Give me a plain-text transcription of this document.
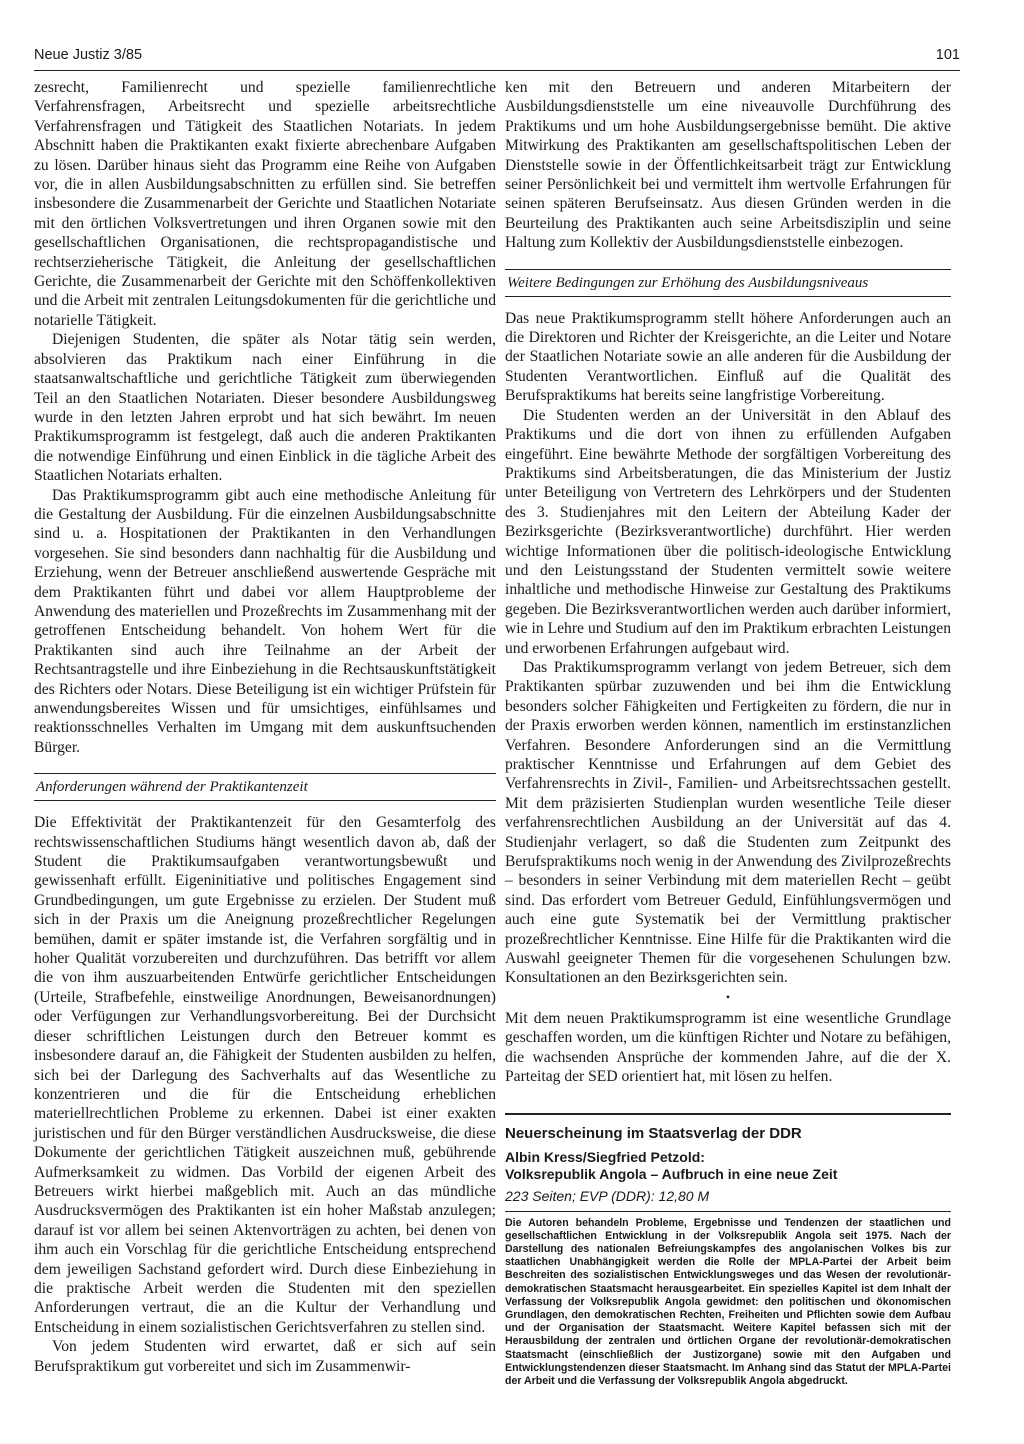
Neue Justiz 3/85	101

zesrecht, Familienrecht und spezielle familienrechtliche Verfahrensfragen, Arbeitsrecht und spezielle arbeitsrechtliche Verfahrensfragen und Tätigkeit des Staatlichen Notariats. In jedem Abschnitt haben die Praktikanten exakt fixierte abrechenbare Aufgaben zu lösen. Darüber hinaus sieht das Programm eine Reihe von Aufgaben vor, die in allen Ausbildungsabschnitten zu erfüllen sind. Sie betreffen insbesondere die Zusammenarbeit der Gerichte und Staatlichen Notariate mit den örtlichen Volksvertretungen und ihren Organen sowie mit den gesellschaftlichen Organisationen, die rechtspropagandistische und rechtserzieherische Tätigkeit, die Anleitung der gesellschaftlichen Gerichte, die Zusammenarbeit der Gerichte mit den Schöffenkollektiven und die Arbeit mit zentralen Leitungsdokumenten für die gerichtliche und notarielle Tätigkeit.

Diejenigen Studenten, die später als Notar tätig sein werden, absolvieren das Praktikum nach einer Einführung in die staatsanwaltschaftliche und gerichtliche Tätigkeit zum überwiegenden Teil an den Staatlichen Notariaten. Dieser besondere Ausbildungsweg wurde in den letzten Jahren erprobt und hat sich bewährt. Im neuen Praktikumsprogramm ist festgelegt, daß auch die anderen Praktikanten die notwendige Einführung und einen Einblick in die tägliche Arbeit des Staatlichen Notariats erhalten.

Das Praktikumsprogramm gibt auch eine methodische Anleitung für die Gestaltung der Ausbildung. Für die einzelnen Ausbildungsabschnitte sind u. a. Hospitationen der Praktikanten in den Verhandlungen vorgesehen. Sie sind besonders dann nachhaltig für die Ausbildung und Erziehung, wenn der Betreuer anschließend auswertende Gespräche mit dem Praktikanten führt und dabei vor allem Hauptprobleme der Anwendung des materiellen und Prozeßrechts im Zusammenhang mit der getroffenen Entscheidung behandelt. Von hohem Wert für die Praktikanten sind auch ihre Teilnahme an der Arbeit der Rechtsantragstelle und ihre Einbeziehung in die Rechtsauskunftstätigkeit des Richters oder Notars. Diese Beteiligung ist ein wichtiger Prüfstein für anwendungsbereites Wissen und für umsichtiges, einfühlsames und reaktionsschnelles Verhalten im Umgang mit dem auskunftsuchenden Bürger.

Anforderungen während der Praktikantenzeit

Die Effektivität der Praktikantenzeit für den Gesamterfolg des rechtswissenschaftlichen Studiums hängt wesentlich davon ab, daß der Student die Praktikumsaufgaben verantwortungsbewußt und gewissenhaft erfüllt. Eigeninitiative und politisches Engagement sind Grundbedingungen, um gute Ergebnisse zu erzielen. Der Student muß sich in der Praxis um die Aneignung prozeßrechtlicher Regelungen bemühen, damit er später imstande ist, die Verfahren sorgfältig und in hoher Qualität vorzubereiten und durchzuführen. Das betrifft vor allem die von ihm auszuarbeitenden Entwürfe gerichtlicher Entscheidungen (Urteile, Strafbefehle, einstweilige Anordnungen, Beweisanordnungen) oder Verfügungen zur Verhandlungsvorbereitung. Bei der Durchsicht dieser schriftlichen Leistungen durch den Betreuer kommt es insbesondere darauf an, die Fähigkeit der Studenten ausbilden zu helfen, sich bei der Darlegung des Sachverhalts auf das Wesentliche zu konzentrieren und die für die Entscheidung erheblichen materiellrechtlichen Probleme zu erkennen. Dabei ist einer exakten juristischen und für den Bürger verständlichen Ausdrucksweise, die diese Dokumente der gerichtlichen Tätigkeit auszeichnen muß, gebührende Aufmerksamkeit zu widmen. Das Vorbild der eigenen Arbeit des Betreuers wirkt hierbei maßgeblich mit. Auch an das mündliche Ausdrucksvermögen des Praktikanten ist ein hoher Maßstab anzulegen; darauf ist vor allem bei seinen Aktenvorträgen zu achten, bei denen von ihm auch ein Vorschlag für die gerichtliche Entscheidung entsprechend dem jeweiligen Sachstand gefordert wird. Durch diese Einbeziehung in die praktische Arbeit werden die Studenten mit den speziellen Anforderungen vertraut, die an die Kultur der Verhandlung und Entscheidung in einem sozialistischen Gerichtsverfahren zu stellen sind.

Von jedem Studenten wird erwartet, daß er sich auf sein Berufspraktikum gut vorbereitet und sich im Zusammenwir-

ken mit den Betreuern und anderen Mitarbeitern der Ausbildungsdienststelle um eine niveauvolle Durchführung des Praktikums und um hohe Ausbildungsergebnisse bemüht. Die aktive Mitwirkung des Praktikanten am gesellschaftspolitischen Leben der Dienststelle sowie in der Öffentlichkeitsarbeit trägt zur Entwicklung seiner Persönlichkeit bei und vermittelt ihm wertvolle Erfahrungen für seinen späteren Berufseinsatz. Aus diesen Gründen werden in die Beurteilung des Praktikanten auch seine Arbeitsdisziplin und seine Haltung zum Kollektiv der Ausbildungsdienststelle einbezogen.

Weitere Bedingungen zur Erhöhung des Ausbildungsniveaus

Das neue Praktikumsprogramm stellt höhere Anforderungen auch an die Direktoren und Richter der Kreisgerichte, an die Leiter und Notare der Staatlichen Notariate sowie an alle anderen für die Ausbildung der Studenten Verantwortlichen. Einfluß auf die Qualität des Berufspraktikums hat bereits seine langfristige Vorbereitung.

Die Studenten werden an der Universität in den Ablauf des Praktikums und die dort von ihnen zu erfüllenden Aufgaben eingeführt. Eine bewährte Methode der sorgfältigen Vorbereitung des Praktikums sind Arbeitsberatungen, die das Ministerium der Justiz unter Beteiligung von Vertretern des Lehrkörpers und der Studenten des 3. Studienjahres mit den Leitern der Abteilung Kader der Bezirksgerichte (Bezirksverantwortliche) durchführt. Hier werden wichtige Informationen über die politisch-ideologische Entwicklung und den Leistungsstand der Studenten vermittelt sowie weitere inhaltliche und methodische Hinweise zur Gestaltung des Praktikums gegeben. Die Bezirksverantwortlichen werden auch darüber informiert, wie in Lehre und Studium auf den im Praktikum erbrachten Leistungen und erworbenen Erfahrungen aufgebaut wird.

Das Praktikumsprogramm verlangt von jedem Betreuer, sich dem Praktikanten spürbar zuzuwenden und bei ihm die Entwicklung besonders solcher Fähigkeiten und Fertigkeiten zu fördern, die nur in der Praxis erworben werden können, namentlich im erstinstanzlichen Verfahren. Besondere Anforderungen sind an die Vermittlung praktischer Kenntnisse und Erfahrungen auf dem Gebiet des Verfahrensrechts in Zivil-, Familien- und Arbeitsrechtssachen gestellt. Mit dem präzisierten Studienplan wurden wesentliche Teile dieser verfahrensrechtlichen Ausbildung an der Universität auf das 4. Studienjahr verlagert, so daß die Studenten zum Zeitpunkt des Berufspraktikums noch wenig in der Anwendung des Zivilprozeßrechts – besonders in seiner Verbindung mit dem materiellen Recht – geübt sind. Das erfordert vom Betreuer Geduld, Einfühlungsvermögen und auch eine gute Systematik bei der Vermittlung praktischer prozeßrechtlicher Kenntnisse. Eine Hilfe für die Praktikanten wird die Auswahl geeigneter Themen für die vorgesehenen Schulungen bzw. Konsultationen an den Bezirksgerichten sein.

•

Mit dem neuen Praktikumsprogramm ist eine wesentliche Grundlage geschaffen worden, um die künftigen Richter und Notare zu befähigen, die wachsenden Ansprüche der kommenden Jahre, auf die der X. Parteitag der SED orientiert hat, mit lösen zu helfen.

Neuerscheinung im Staatsverlag der DDR
Albin Kress/Siegfried Petzold:
Volksrepublik Angola – Aufbruch in eine neue Zeit
223 Seiten; EVP (DDR): 12,80 M
Die Autoren behandeln Probleme, Ergebnisse und Tendenzen der staatlichen und gesellschaftlichen Entwicklung in der Volksrepublik Angola seit 1975. Nach der Darstellung des nationalen Befreiungskampfes des angolanischen Volkes bis zur staatlichen Unabhängigkeit werden die Rolle der MPLA-Partei der Arbeit beim Beschreiten des sozialistischen Entwicklungsweges und das Wesen der revolutionär-demokratischen Staatsmacht herausgearbeitet. Ein spezielles Kapitel ist dem Inhalt der Verfassung der Volksrepublik Angola gewidmet: den politischen und ökonomischen Grundlagen, den demokratischen Rechten, Freiheiten und Pflichten sowie dem Aufbau und der Organisation der Staatsmacht. Weitere Kapitel befassen sich mit der Herausbildung der zentralen und örtlichen Organe der revolutionär-demokratischen Staatsmacht (einschließlich der Justizorgane) sowie mit den Aufgaben und Entwicklungstendenzen dieser Staatsmacht. Im Anhang sind das Statut der MPLA-Partei der Arbeit und die Verfassung der Volksrepublik Angola abgedruckt.
